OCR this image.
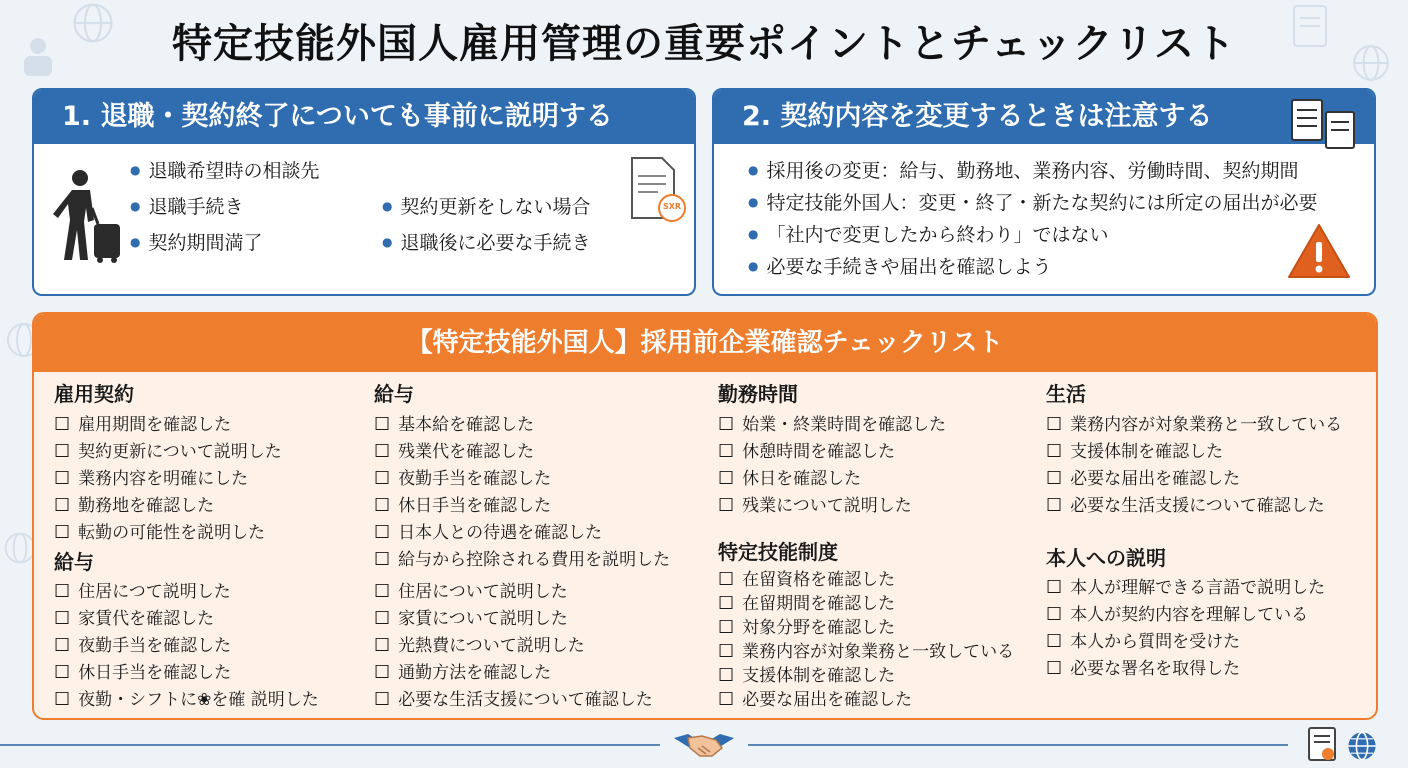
特定技能外国人雇用管理の重要ポイントとチェックリスト
1. 退職・契約終了についても事前に説明する
● 退職希望時の相談先
● 退職手続き
● 契約期間満了
● 契約更新をしない場合
● 退職後に必要な手続き
SXR
2. 契約内容を変更するときは注意する
● 採用後の変更：給与、勤務地、業務内容、労働時間、契約期間
● 特定技能外国人：変更・終了・新たな契約には所定の届出が必要
● 「社内で変更したから終わり」ではない
● 必要な手続きや届出を確認しよう
【特定技能外国人】採用前企業確認チェックリスト
雇用契約
☐ 雇用期間を確認した
☐ 契約更新について説明した
☐ 業務内容を明確にした
☐ 勤務地を確認した
☐ 転勤の可能性を説明した
給与
☐ 住居につて説明した
☐ 家賃代を確認した
☐ 夜勤手当を確認した
☐ 休日手当を確認した
☐ 夜勤・シフトに❀を確 説明した
給与
☐ 基本給を確認した
☐ 残業代を確認した
☐ 夜勤手当を確認した
☐ 休日手当を確認した
☐ 日本人との待遇を確認した
☐ 給与から控除される費用を説明した
☐ 住居について説明した
☐ 家賃について説明した
☐ 光熱費について説明した
☐ 通勤方法を確認した
☐ 必要な生活支援について確認した
勤務時間
☐ 始業・終業時間を確認した
☐ 休憩時間を確認した
☐ 休日を確認した
☐ 残業について説明した
特定技能制度
☐ 在留資格を確認した
☐ 在留期間を確認した
☐ 対象分野を確認した
☐ 業務内容が対象業務と一致している
☐ 支援体制を確認した
☐ 必要な届出を確認した
生活
☐ 業務内容が対象業務と一致している
☐ 支援体制を確認した
☐ 必要な届出を確認した
☐ 必要な生活支援について確認した
本人への説明
☐ 本人が理解できる言語で説明した
☐ 本人が契約内容を理解している
☐ 本人から質問を受けた
☐ 必要な署名を取得した
